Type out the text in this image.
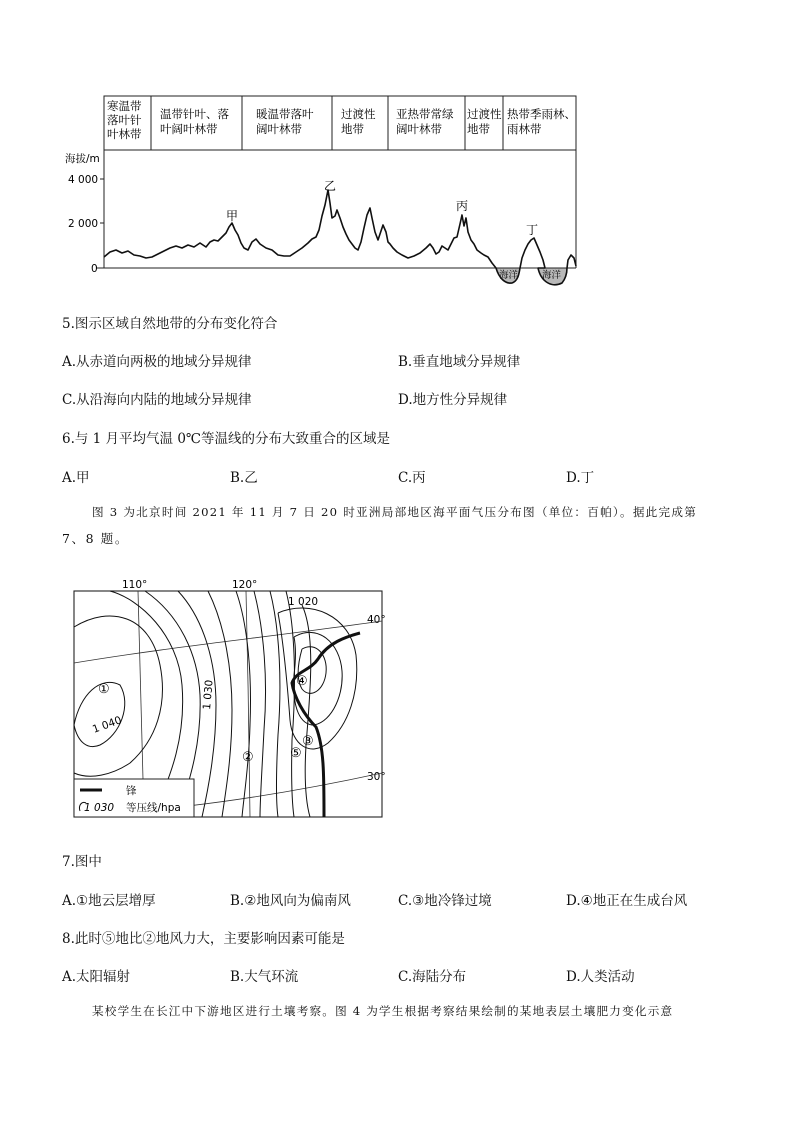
寒温带
落叶针
叶林带
温带针叶、落
叶阔叶林带
暖温带落叶
阔叶林带
过渡性
地带
亚热带常绿
阔叶林带
过渡性
地带
热带季雨林、
雨林带
海拔/m
4 000
2 000
0
海洋	海洋
甲
乙
丙
丁
5.图示区域自然地带的分布变化符合
A.从赤道向两极的地域分异规律	B.垂直地域分异规律
C.从沿海向内陆的地域分异规律	D.地方性分异规律
6.与 1 月平均气温 0℃等温线的分布大致重合的区域是
A.甲	B.乙	C.丙	D.丁
图 3 为北京时间 2021 年 11 月 7 日 20 时亚洲局部地区海平面气压分布图（单位：百帕）。据此完成第
7、8 题。
110°	120°
40°
30°
1 020
1 030
1 040
①
②
③
④
⑤
锋
1 030 等压线/hpa
7.图中
A.①地云层增厚	B.②地风向为偏南风	C.③地冷锋过境	D.④地正在生成台风
8.此时⑤地比②地风力大，主要影响因素可能是
A.太阳辐射	B.大气环流	C.海陆分布	D.人类活动
某校学生在长江中下游地区进行土壤考察。图 4 为学生根据考察结果绘制的某地表层土壤肥力变化示意
